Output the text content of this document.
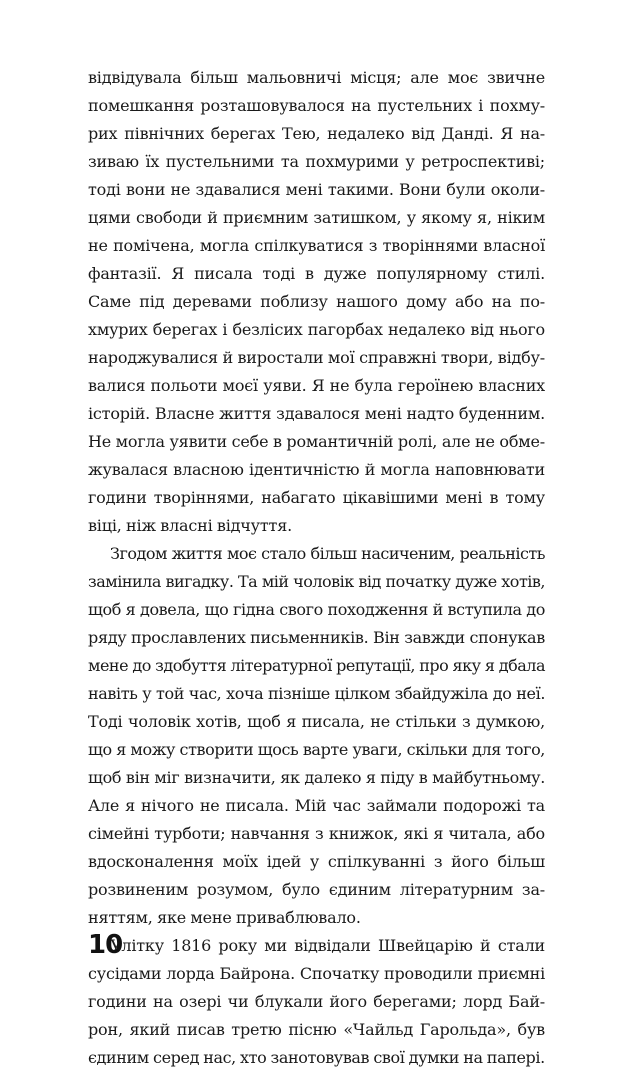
відвідувала більш мальовничі місця; але моє звичне
помешкання розташовувалося на пустельних і похму-
рих північних берегах Тею, недалеко від Данді. Я на-
зиваю їх пустельними та похмурими у ретроспективі;
тоді вони не здавалися мені такими. Вони були околи-
цями свободи й приємним затишком, у якому я, ніким
не помічена, могла спілкуватися з творіннями власної
фантазії. Я писала тоді в дуже популярному стилі.
Саме під деревами поблизу нашого дому або на по-
хмурих берегах і безлісих пагорбах недалеко від нього
народжувалися й виростали мої справжні твори, відбу-
валися польоти моєї уяви. Я не була героїнею власних
історій. Власне життя здавалося мені надто буденним.
Не могла уявити себе в романтичній ролі, але не обме-
жувалася власною ідентичністю й могла наповнювати
години творіннями, набагато цікавішими мені в тому
віці, ніж власні відчуття.
Згодом життя моє стало більш насиченим, реальність
замінила вигадку. Та мій чоловік від початку дуже хотів,
щоб я довела, що гідна свого походження й вступила до
ряду прославлених письменників. Він завжди спонукав
мене до здобуття літературної репутації, про яку я дбала
навіть у той час, хоча пізніше цілком збайдужіла до неї.
Тоді чоловік хотів, щоб я писала, не стільки з думкою,
що я можу створити щось варте уваги, скільки для того,
щоб він міг визначити, як далеко я піду в майбутньому.
Але я нічого не писала. Мій час займали подорожі та
сімейні турботи; навчання з книжок, які я читала, або
вдосконалення моїх ідей у спілкуванні з його більш
розвиненим розумом, було єдиним літературним за-
няттям, яке мене приваблювало.
Улітку 1816 року ми відвідали Швейцарію й стали
сусідами лорда Байрона. Спочатку проводили приємні
години на озері чи блукали його берегами; лорд Бай-
рон, який писав третю пісню «Чайльд Гарольда», був
єдиним серед нас, хто занотовував свої думки на папері.
10
